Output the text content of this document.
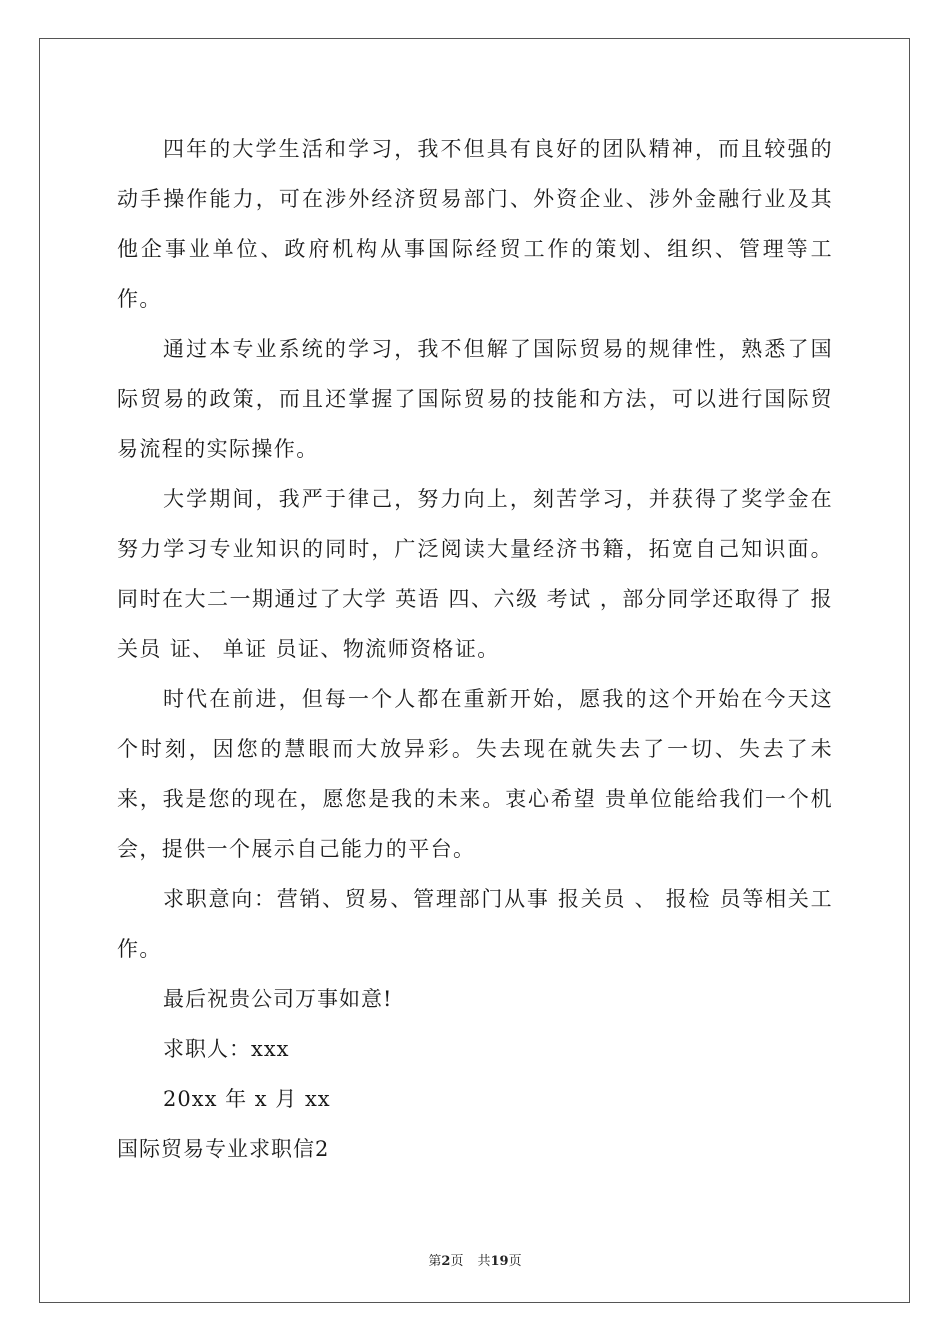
四年的大学生活和学习，我不但具有良好的团队精神，而且较强的动手操作能力，可在涉外经济贸易部门、外资企业、涉外金融行业及其他企事业单位、政府机构从事国际经贸工作的策划、组织、管理等工作。

通过本专业系统的学习，我不但解了国际贸易的规律性，熟悉了国际贸易的政策，而且还掌握了国际贸易的技能和方法，可以进行国际贸易流程的实际操作。

大学期间，我严于律己，努力向上，刻苦学习，并获得了奖学金在努力学习专业知识的同时，广泛阅读大量经济书籍，拓宽自己知识面。同时在大二一期通过了大学 英语 四、六级 考试 ，部分同学还取得了 报关员 证、 单证 员证、物流师资格证。

时代在前进，但每一个人都在重新开始，愿我的这个开始在今天这个时刻，因您的慧眼而大放异彩。失去现在就失去了一切、失去了未来，我是您的现在，愿您是我的未来。衷心希望 贵单位能给我们一个机会，提供一个展示自己能力的平台。

求职意向：营销、贸易、管理部门从事 报关员 、 报检 员等相关工作。

最后祝贵公司万事如意!

求职人：xxx

20xx 年 x 月 xx

国际贸易专业求职信2

第2页 共19页
